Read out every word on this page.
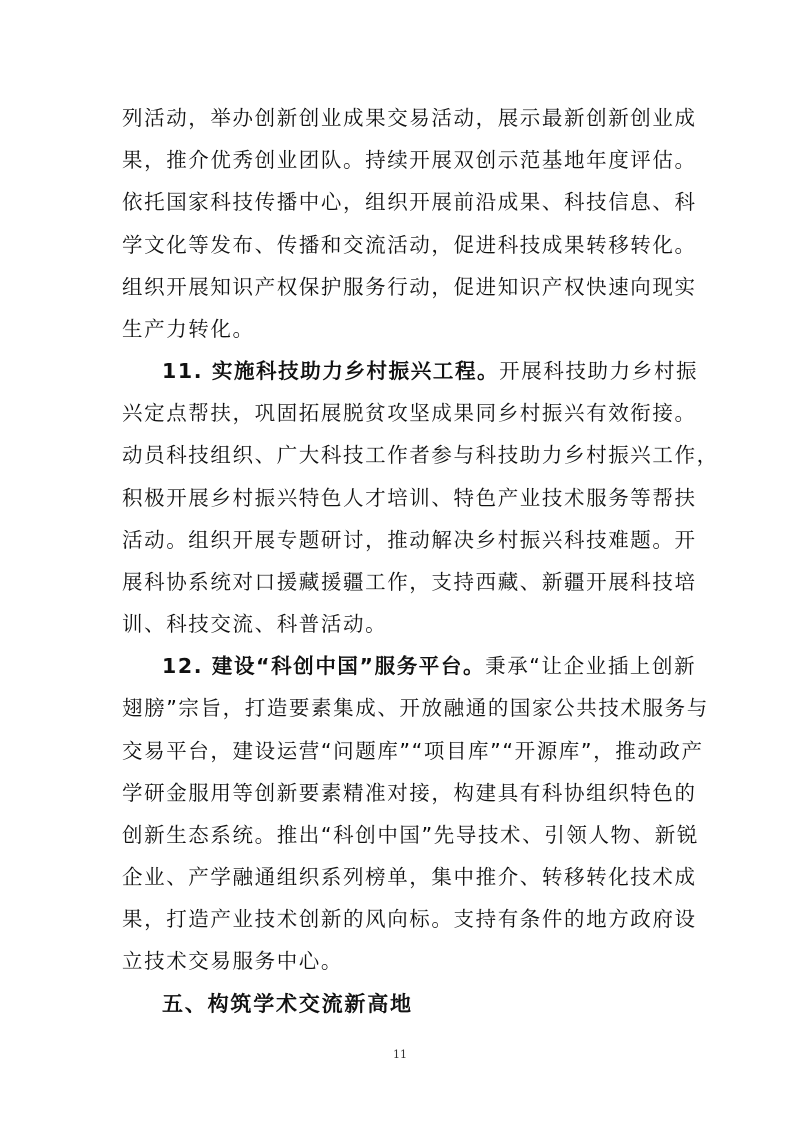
列活动，举办创新创业成果交易活动，展示最新创新创业成
果，推介优秀创业团队。持续开展双创示范基地年度评估。
依托国家科技传播中心，组织开展前沿成果、科技信息、科
学文化等发布、传播和交流活动，促进科技成果转移转化。
组织开展知识产权保护服务行动，促进知识产权快速向现实
生产力转化。
11. 实施科技助力乡村振兴工程。开展科技助力乡村振
兴定点帮扶，巩固拓展脱贫攻坚成果同乡村振兴有效衔接。
动员科技组织、广大科技工作者参与科技助力乡村振兴工作，
积极开展乡村振兴特色人才培训、特色产业技术服务等帮扶
活动。组织开展专题研讨，推动解决乡村振兴科技难题。开
展科协系统对口援藏援疆工作，支持西藏、新疆开展科技培
训、科技交流、科普活动。
12. 建设“科创中国”服务平台。秉承“让企业插上创新
翅膀”宗旨，打造要素集成、开放融通的国家公共技术服务与
交易平台，建设运营“问题库”“项目库”“开源库”，推动政产
学研金服用等创新要素精准对接，构建具有科协组织特色的
创新生态系统。推出“科创中国”先导技术、引领人物、新锐
企业、产学融通组织系列榜单，集中推介、转移转化技术成
果，打造产业技术创新的风向标。支持有条件的地方政府设
立技术交易服务中心。
五、构筑学术交流新高地
11
